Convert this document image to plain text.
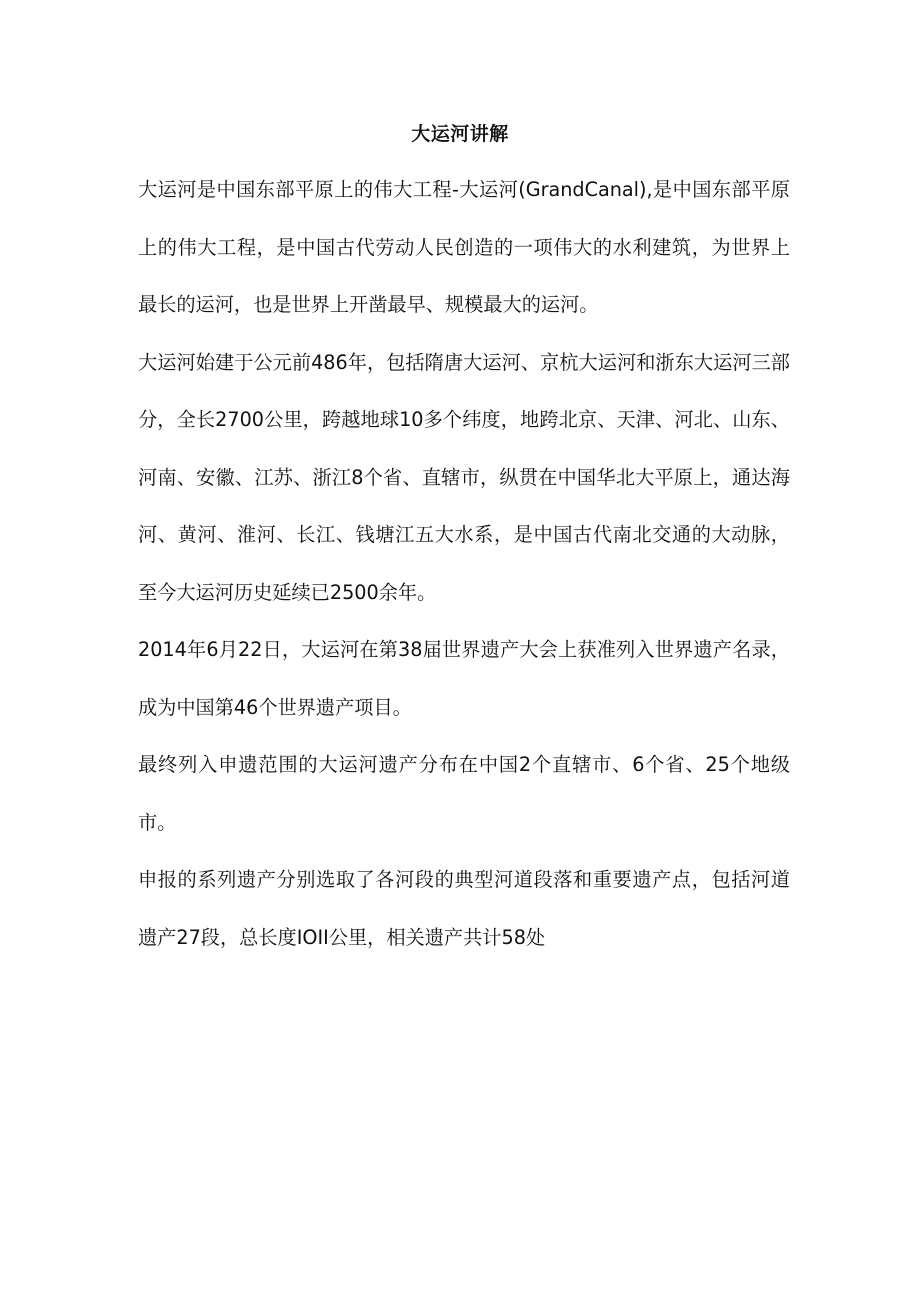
大运河讲解

大运河是中国东部平原上的伟大工程-大运河(GrandCanal),是中国东部平原上的伟大工程，是中国古代劳动人民创造的一项伟大的水利建筑，为世界上最长的运河，也是世界上开凿最早、规模最大的运河。

大运河始建于公元前486年，包括隋唐大运河、京杭大运河和浙东大运河三部分，全长2700公里，跨越地球10多个纬度，地跨北京、天津、河北、山东、河南、安徽、江苏、浙江8个省、直辖市，纵贯在中国华北大平原上，通达海河、黄河、淮河、长江、钱塘江五大水系，是中国古代南北交通的大动脉，至今大运河历史延续已2500余年。

2014年6月22日，大运河在第38届世界遗产大会上获准列入世界遗产名录， 成为中国第46个世界遗产项目。

最终列入申遗范围的大运河遗产分布在中国2个直辖市、6个省、25个地级市。

申报的系列遗产分别选取了各河段的典型河道段落和重要遗产点，包括河道遗产27段，总长度IOII公里，相关遗产共计58处
